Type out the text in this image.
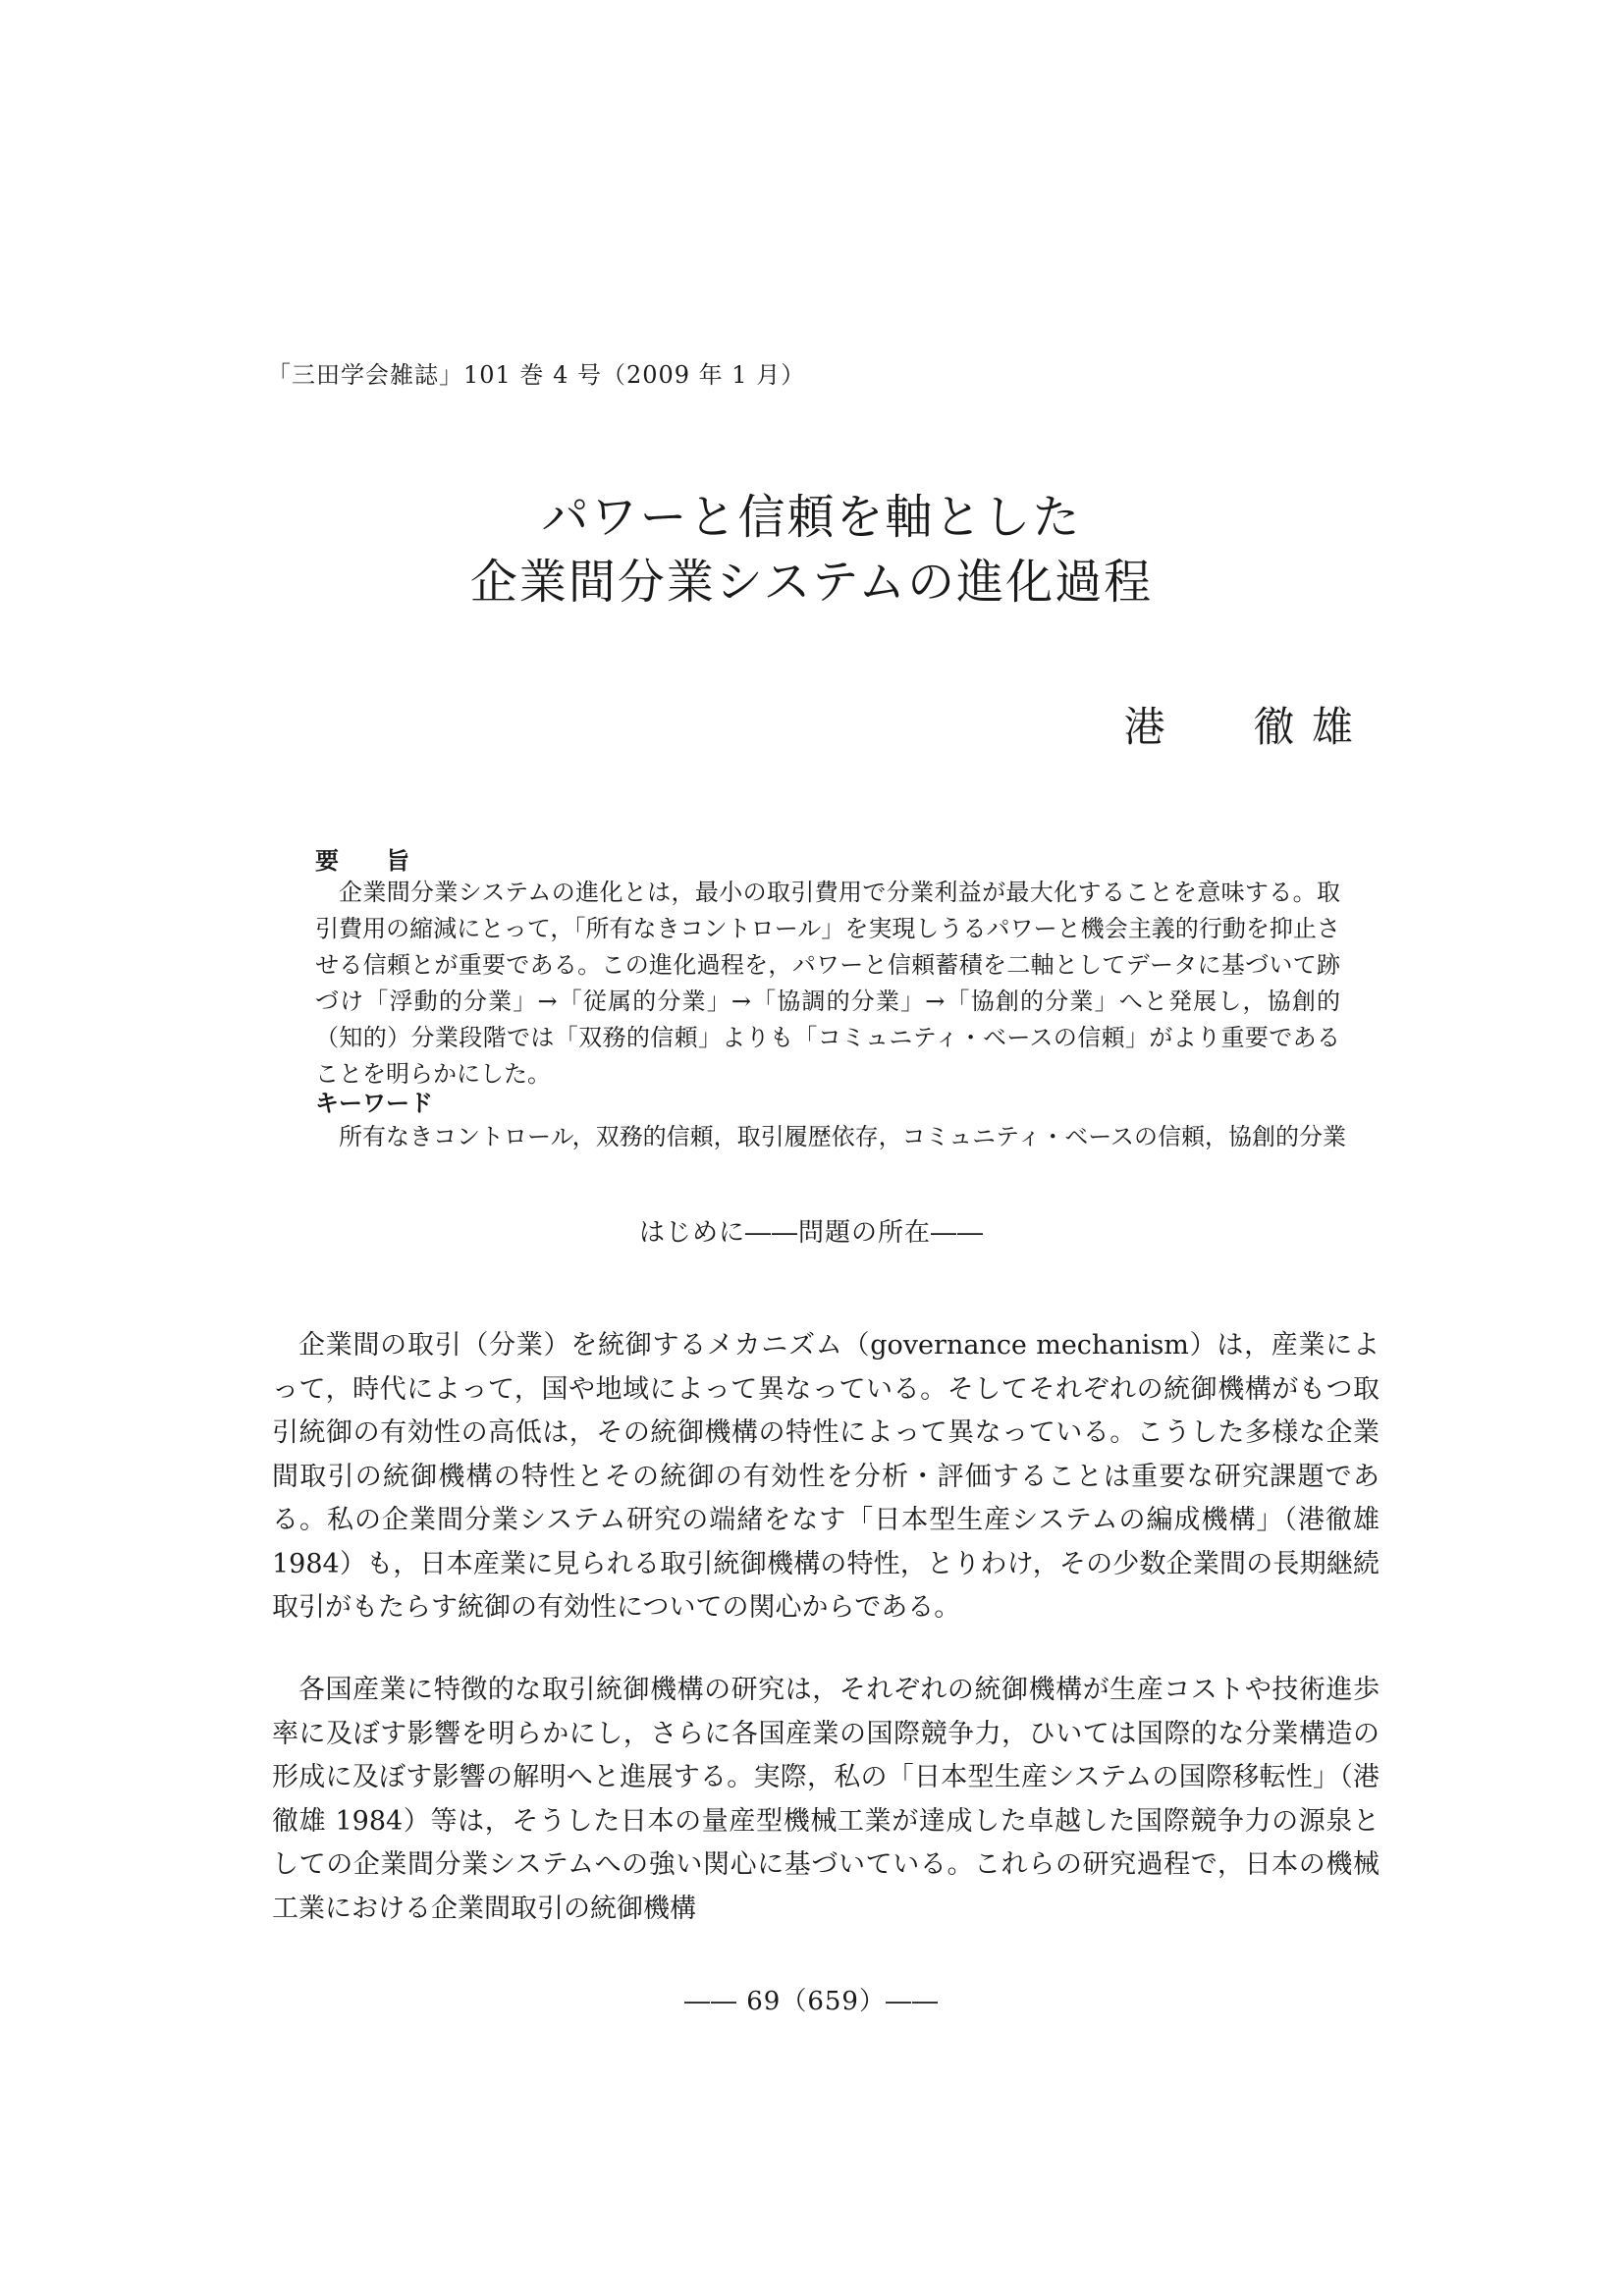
「三田学会雑誌」101 巻 4 号（2009 年 1 月）
パワーと信頼を軸とした
企業間分業システムの進化過程
港　　徹 雄
要　　旨
企業間分業システムの進化とは，最小の取引費用で分業利益が最大化することを意味する。取引費用の縮減にとって，「所有なきコントロール」を実現しうるパワーと機会主義的行動を抑止させる信頼とが重要である。この進化過程を，パワーと信頼蓄積を二軸としてデータに基づいて跡づけ「浮動的分業」→「従属的分業」→「協調的分業」→「協創的分業」へと発展し，協創的（知的）分業段階では「双務的信頼」よりも「コミュニティ・ベースの信頼」がより重要であることを明らかにした。
キーワード
所有なきコントロール，双務的信頼，取引履歴依存，コミュニティ・ベースの信頼，協創的分業
はじめに――問題の所在――

企業間の取引（分業）を統御するメカニズム（governance mechanism）は，産業によって，時代によって，国や地域によって異なっている。そしてそれぞれの統御機構がもつ取引統御の有効性の高低は，その統御機構の特性によって異なっている。こうした多様な企業間取引の統御機構の特性とその統御の有効性を分析・評価することは重要な研究課題である。私の企業間分業システム研究の端緒をなす「日本型生産システムの編成機構」（港徹雄 1984）も，日本産業に見られる取引統御機構の特性，とりわけ，その少数企業間の長期継続取引がもたらす統御の有効性についての関心からである。

各国産業に特徴的な取引統御機構の研究は，それぞれの統御機構が生産コストや技術進歩率に及ぼす影響を明らかにし，さらに各国産業の国際競争力，ひいては国際的な分業構造の形成に及ぼす影響の解明へと進展する。実際，私の「日本型生産システムの国際移転性」（港徹雄 1984）等は，そうした日本の量産型機械工業が達成した卓越した国際競争力の源泉としての企業間分業システムへの強い関心に基づいている。これらの研究過程で，日本の機械工業における企業間取引の統御機構

―― 69（659）――
